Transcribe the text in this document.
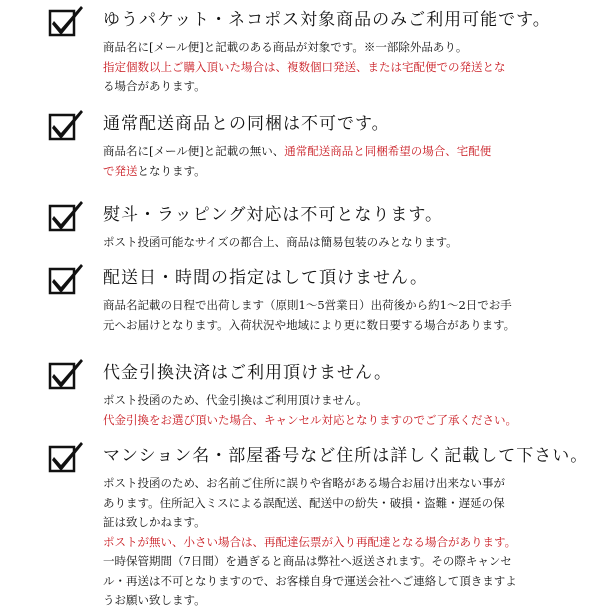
ゆうパケット・ネコポス対象商品のみご利用可能です。
商品名に[メール便]と記載のある商品が対象です。※一部除外品あり。
指定個数以上ご購入頂いた場合は、複数個口発送、または宅配便での発送とな
る場合があります。
通常配送商品との同梱は不可です。
商品名に[メール便]と記載の無い、通常配送商品と同梱希望の場合、宅配便
で発送となります。
熨斗・ラッピング対応は不可となります。
ポスト投函可能なサイズの都合上、商品は簡易包装のみとなります。
配送日・時間の指定はして頂けません。
商品名記載の日程で出荷します（原則1～5営業日）出荷後から約1～2日でお手
元へお届けとなります。入荷状況や地域により更に数日要する場合があります。
代金引換決済はご利用頂けません。
ポスト投函のため、代金引換はご利用頂けません。
代金引換をお選び頂いた場合、キャンセル対応となりますのでご了承ください。
マンション名・部屋番号など住所は詳しく記載して下さい。
ポスト投函のため、お名前ご住所に誤りや省略がある場合お届け出来ない事が
あります。住所記入ミスによる誤配送、配送中の紛失・破損・盗難・遅延の保
証は致しかねます。
ポストが無い、小さい場合は、再配達伝票が入り再配達となる場合があります。
一時保管期間（7日間）を過ぎると商品は弊社へ返送されます。その際キャンセ
ル・再送は不可となりますので、お客様自身で運送会社へご連絡して頂きますよ
うお願い致します。
